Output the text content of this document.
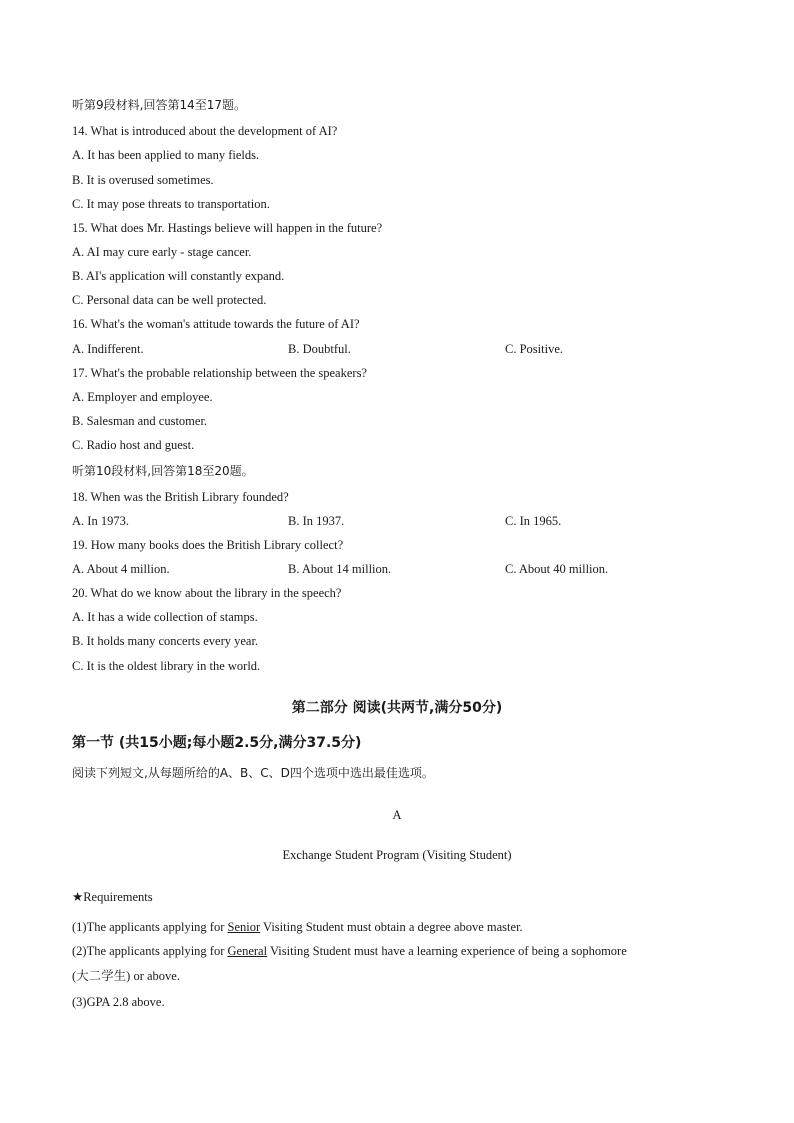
听第9段材料,回答第14至17题。
14. What is introduced about the development of AI?
A. It has been applied to many fields.
B. It is overused sometimes.
C. It may pose threats to transportation.
15. What does Mr. Hastings believe will happen in the future?
A. AI may cure early - stage cancer.
B. AI's application will constantly expand.
C. Personal data can be well protected.
16. What's the woman's attitude towards the future of AI?
A. Indifferent.	B. Doubtful.	C. Positive.
17. What's the probable relationship between the speakers?
A. Employer and employee.
B. Salesman and customer.
C. Radio host and guest.
听第10段材料,回答第18至20题。
18. When was the British Library founded?
A. In 1973.	B. In 1937.	C. In 1965.
19. How many books does the British Library collect?
A. About 4 million.	B. About 14 million.	C. About 40 million.
20. What do we know about the library in the speech?
A. It has a wide collection of stamps.
B. It holds many concerts every year.
C. It is the oldest library in the world.
第二部分 阅读(共两节,满分50分)
第一节 (共15小题;每小题2.5分,满分37.5分)
阅读下列短文,从每题所给的A、B、C、D四个选项中选出最佳选项。
A
Exchange Student Program (Visiting Student)
★Requirements
(1)The applicants applying for Senior Visiting Student must obtain a degree above master.
(2)The applicants applying for General Visiting Student must have a learning experience of being a sophomore
(大二学生) or above.
(3)GPA 2.8 above.
